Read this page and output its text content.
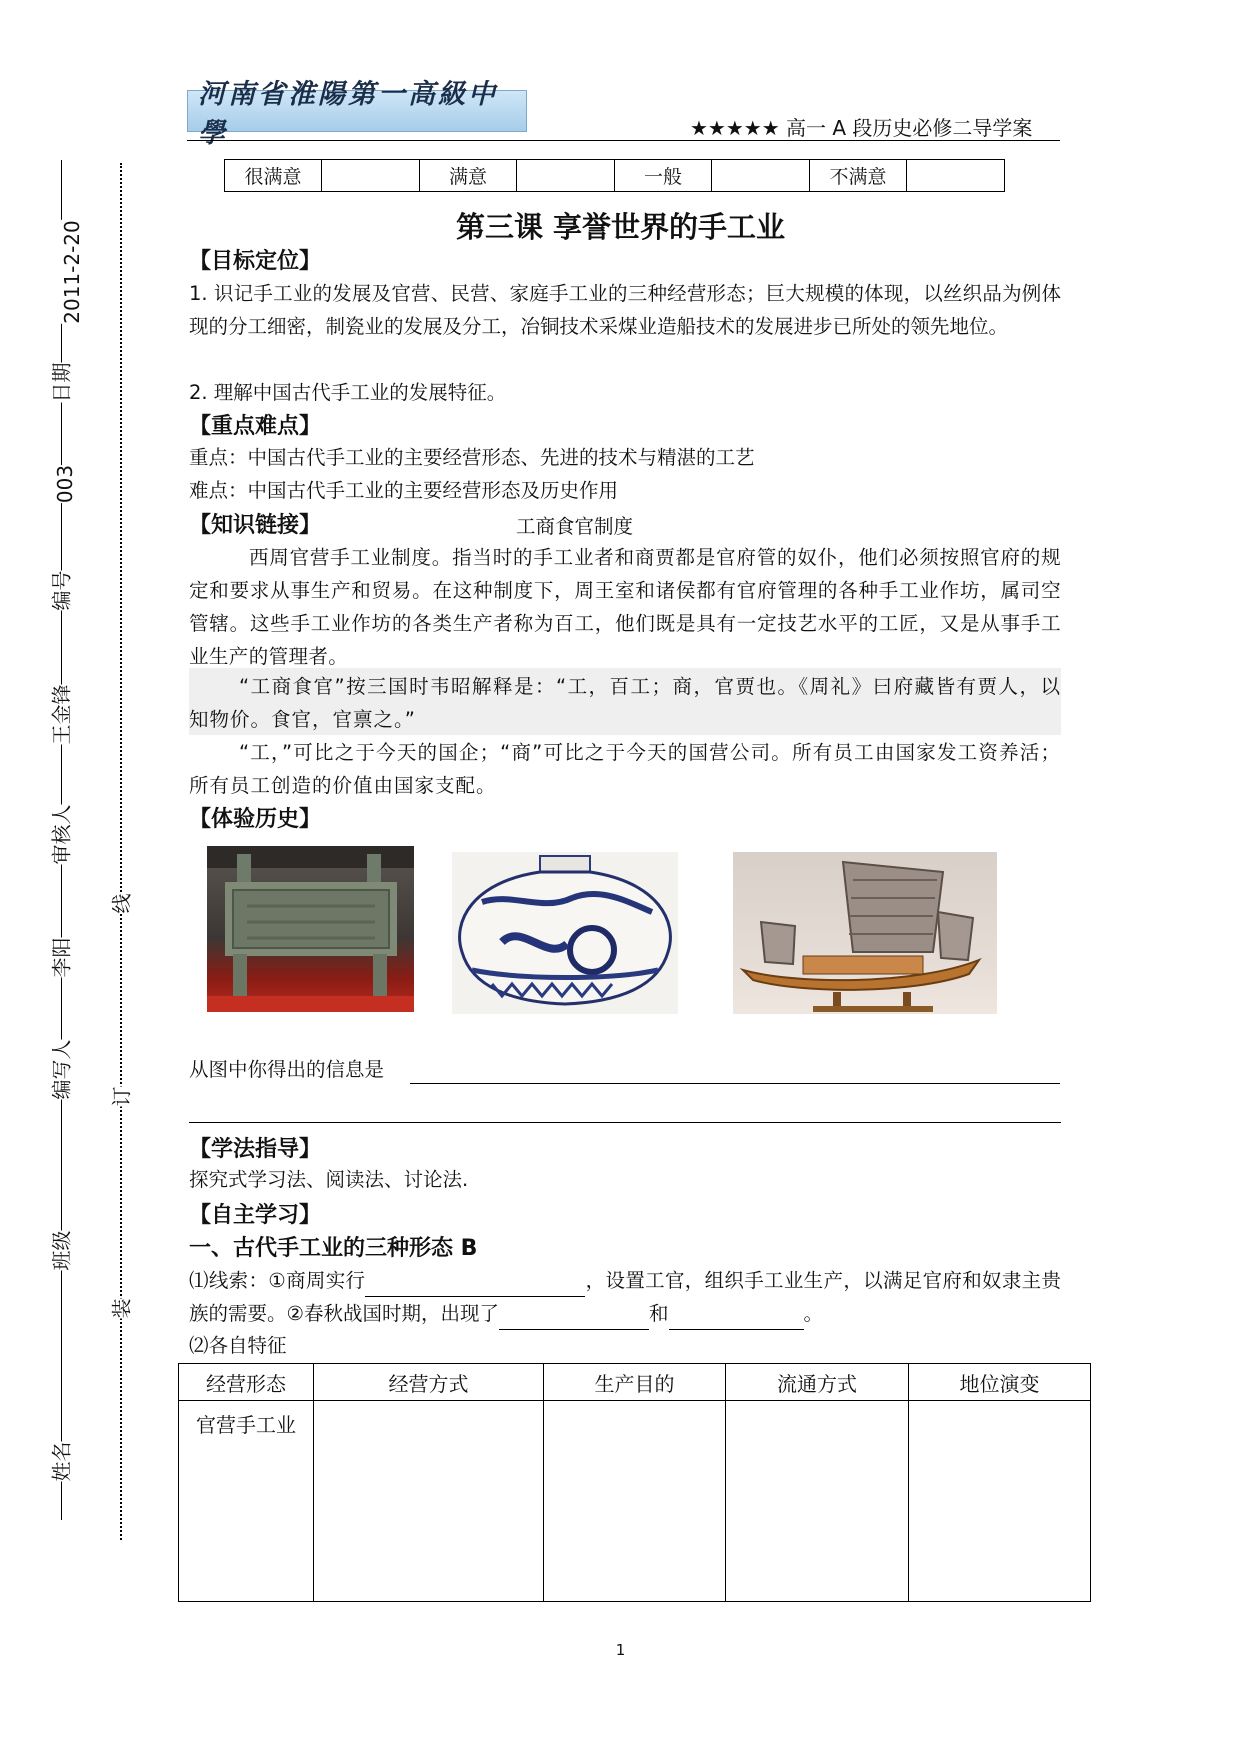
2011-2-20
日期
003
编号
王金锋
审核人
李阳
编写人
班级
姓名
线
订
装
河南省淮陽第一高級中學	★★★★★ 高一 A 段历史必修二导学案
很满意		满意		一般		不满意	
第三课 享誉世界的手工业
【目标定位】
1. 识记手工业的发展及官营、民营、家庭手工业的三种经营形态；巨大规模的体现，以丝织品为例体现的分工细密，制瓷业的发展及分工，冶铜技术采煤业造船技术的发展进步已所处的领先地位。
2. 理解中国古代手工业的发展特征。
【重点难点】
重点：中国古代手工业的主要经营形态、先进的技术与精湛的工艺
难点：中国古代手工业的主要经营形态及历史作用
【知识链接】	工商食官制度
西周官营手工业制度。指当时的手工业者和商贾都是官府管的奴仆，他们必须按照官府的规定和要求从事生产和贸易。在这种制度下，周王室和诸侯都有官府管理的各种手工业作坊，属司空管辖。这些手工业作坊的各类生产者称为百工，他们既是具有一定技艺水平的工匠，又是从事手工业生产的管理者。
“工商食官”按三国时韦昭解释是：“工，百工；商，官贾也。《周礼》曰府藏皆有贾人，以知物价。食官，官禀之。”
“工，”可比之于今天的国企；“商”可比之于今天的国营公司。所有员工由国家发工资养活；所有员工创造的价值由国家支配。
【体验历史】
从图中你得出的信息是
【学法指导】
探究式学习法、阅读法、讨论法.
【自主学习】
一、古代手工业的三种形态 B
⑴线索：①商周实行	，设置工官，组织手工业生产，以满足官府和奴隶主贵族的需要。②春秋战国时期，出现了	和	。
⑵各自特征
经营形态	经营方式	生产目的	流通方式	地位演变
官营手工业				
1
